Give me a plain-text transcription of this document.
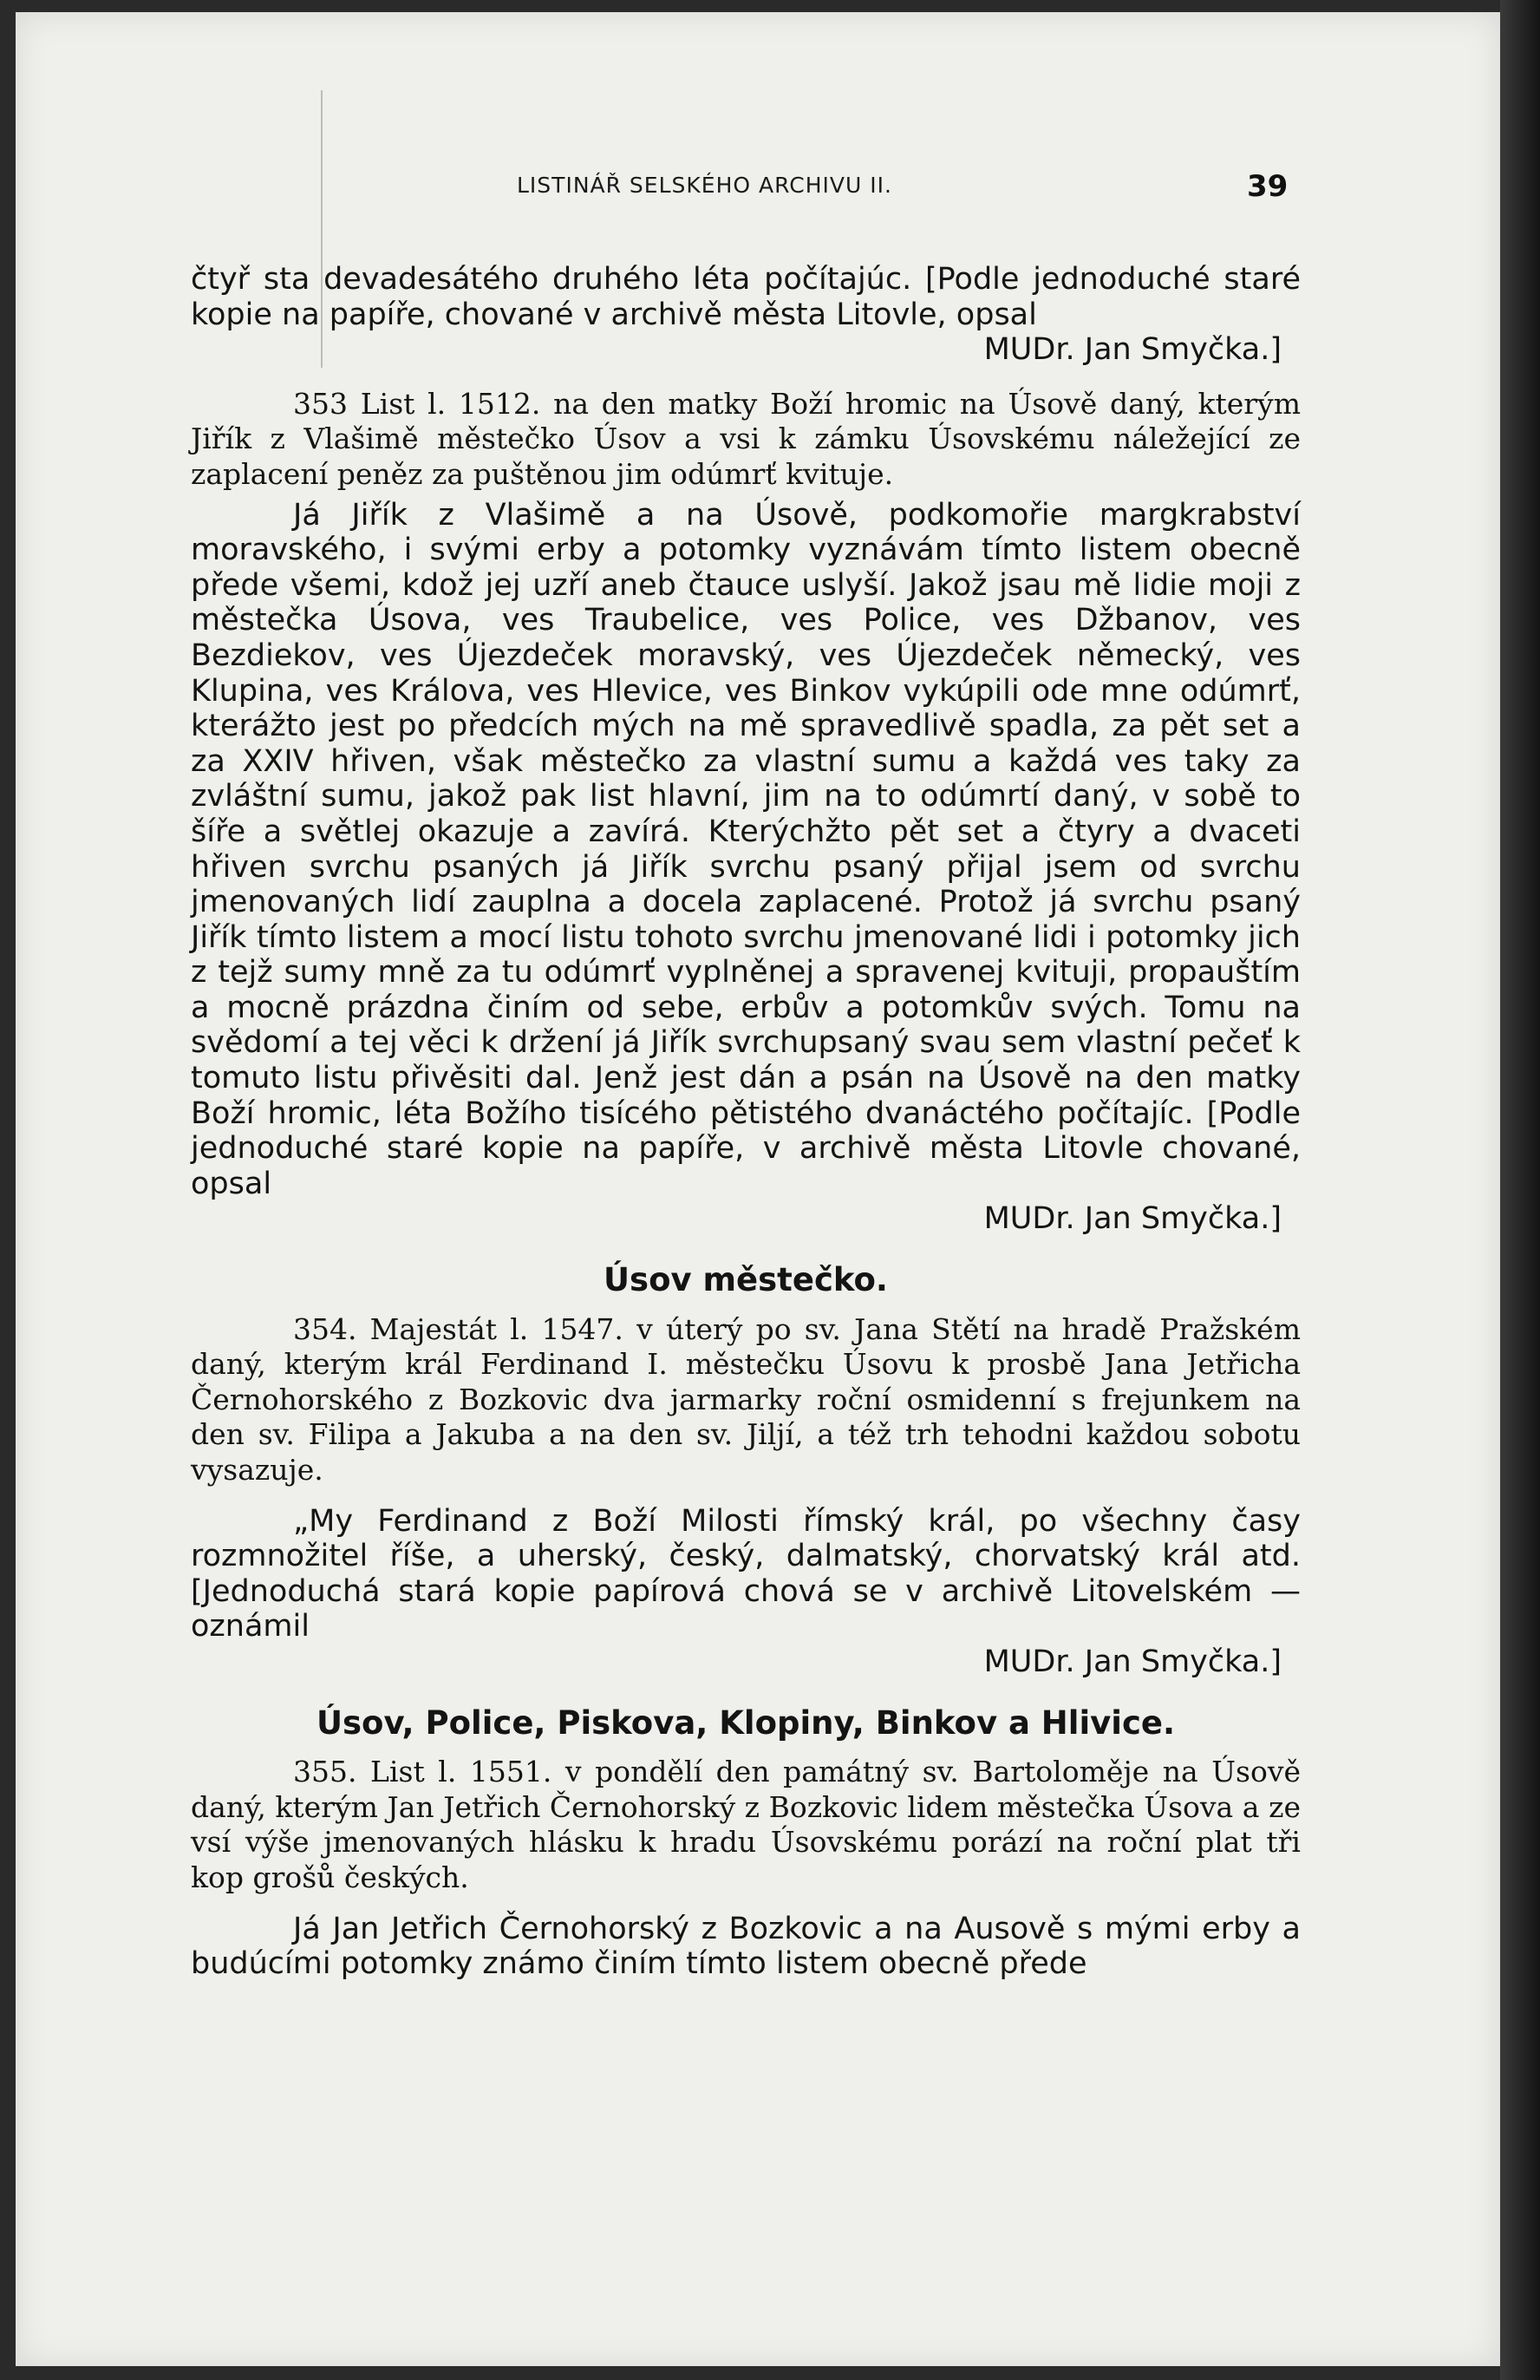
LISTINÁŘ SELSKÉHO ARCHIVU II.	39

čtyř sta devadesátého druhého léta počítajúc. [Podle jednoduché staré kopie na papíře, chované v archivě města Litovle, opsal

MUDr. Jan Smyčka.]

353 List l. 1512. na den matky Boží hromic na Úsově daný, kterým Jiřík z Vlašimě městečko Úsov a vsi k zámku Úsovskému náležející ze zaplacení peněz za puštěnou jim odúmrť kvituje.

Já Jiřík z Vlašimě a na Úsově, podkomořie margkrabství moravského, i svými erby a potomky vyznávám tímto listem obecně přede všemi, kdož jej uzří aneb čtauce uslyší. Jakož jsau mě lidie moji z městečka Úsova, ves Traubelice, ves Police, ves Džbanov, ves Bezdiekov, ves Újezdeček moravský, ves Újezdeček německý, ves Klupina, ves Králova, ves Hlevice, ves Binkov vykúpili ode mne odúmrť, kterážto jest po předcích mých na mě spravedlivě spadla, za pět set a za XXIV hřiven, však městečko za vlastní sumu a každá ves taky za zvláštní sumu, jakož pak list hlavní, jim na to odúmrtí daný, v sobě to šíře a světlej okazuje a zavírá. Kterýchžto pět set a čtyry a dvaceti hřiven svrchu psaných já Jiřík svrchu psaný přijal jsem od svrchu jmenovaných lidí zauplna a docela zaplacené. Protož já svrchu psaný Jiřík tímto listem a mocí listu tohoto svrchu jmenované lidi i potomky jich z tejž sumy mně za tu odúmrť vyplněnej a spravenej kvituji, propauštím a mocně prázdna činím od sebe, erbův a potomkův svých. Tomu na svědomí a tej věci k držení já Jiřík svrchupsaný svau sem vlastní pečeť k tomuto listu přivěsiti dal. Jenž jest dán a psán na Úsově na den matky Boží hromic, léta Božího tisícého pětistého dvanáctého počítajíc. [Podle jednoduché staré kopie na papíře, v archivě města Litovle chované, opsal

MUDr. Jan Smyčka.]

Úsov městečko.

354. Majestát l. 1547. v úterý po sv. Jana Stětí na hradě Pražském daný, kterým král Ferdinand I. městečku Úsovu k prosbě Jana Jetřicha Černohorského z Bozkovic dva jarmarky roční osmidenní s frejunkem na den sv. Filipa a Jakuba a na den sv. Jiljí, a též trh tehodni každou sobotu vysazuje.

„My Ferdinand z Boží Milosti římský král, po všechny časy rozmnožitel říše, a uherský, český, dalmatský, chorvatský král atd. [Jednoduchá stará kopie papírová chová se v archivě Litovelském — oznámil

MUDr. Jan Smyčka.]

Úsov, Police, Piskova, Klopiny, Binkov a Hlivice.

355. List l. 1551. v pondělí den památný sv. Bartoloměje na Úsově daný, kterým Jan Jetřich Černohorský z Bozkovic lidem městečka Úsova a ze vsí výše jmenovaných hlásku k hradu Úsovskému porází na roční plat tři kop grošů českých.

Já Jan Jetřich Černohorský z Bozkovic a na Ausově s mými erby a budúcími potomky známo činím tímto listem obecně přede
